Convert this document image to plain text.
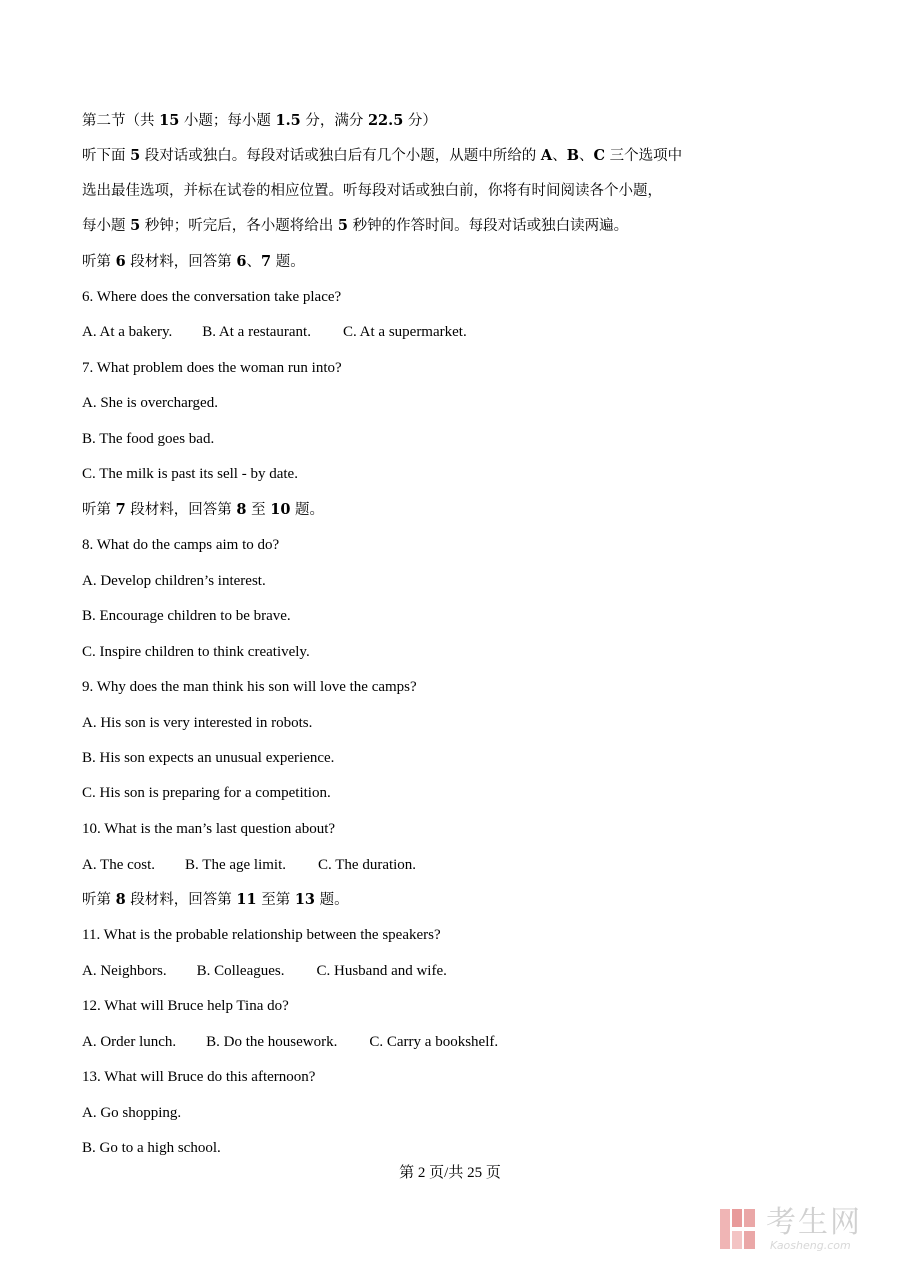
第二节（共 15 小题；每小题 1.5 分，满分 22.5 分）
听下面 5 段对话或独白。每段对话或独白后有几个小题，从题中所给的 A、B、C 三个选项中
选出最佳选项，并标在试卷的相应位置。听每段对话或独白前，你将有时间阅读各个小题，
每小题 5 秒钟；听完后，各小题将给出 5 秒钟的作答时间。每段对话或独白读两遍。
听第 6 段材料，回答第 6、7 题。
6. Where does the conversation take place?
A. At a bakery. B. At a restaurant. C. At a supermarket.
7. What problem does the woman run into?
A. She is overcharged.
B. The food goes bad.
C. The milk is past its sell - by date.
听第 7 段材料，回答第 8 至 10 题。
8. What do the camps aim to do?
A. Develop children’s interest.
B. Encourage children to be brave.
C. Inspire children to think creatively.
9. Why does the man think his son will love the camps?
A. His son is very interested in robots.
B. His son expects an unusual experience.
C. His son is preparing for a competition.
10. What is the man’s last question about?
A. The cost. B. The age limit. C. The duration.
听第 8 段材料，回答第 11 至第 13 题。
11. What is the probable relationship between the speakers?
A. Neighbors. B. Colleagues. C. Husband and wife.
12. What will Bruce help Tina do?
A. Order lunch. B. Do the housework. C. Carry a bookshelf.
13. What will Bruce do this afternoon?
A. Go shopping.
B. Go to a high school.
第 2 页/共 25 页
考生网
Kaosheng.com
